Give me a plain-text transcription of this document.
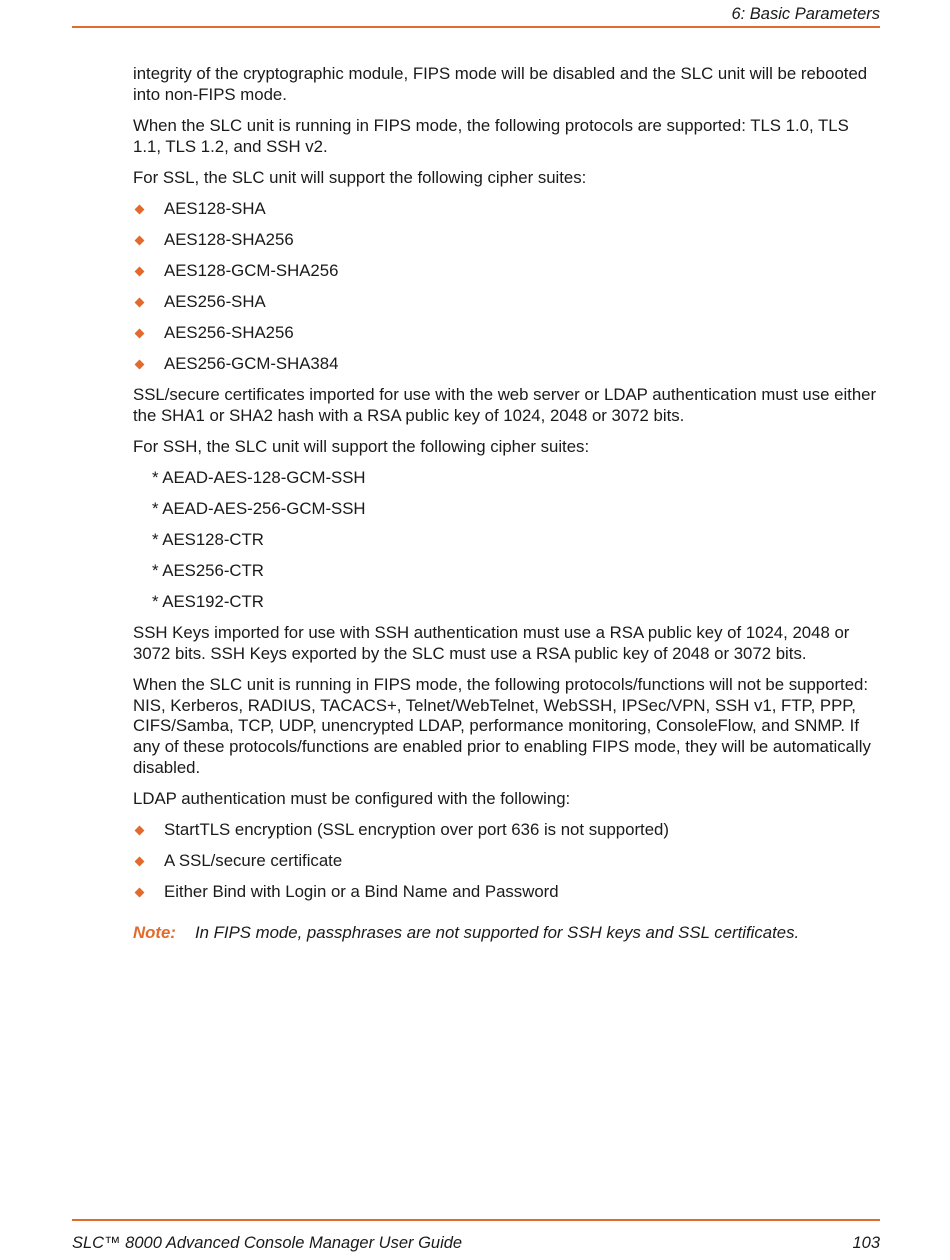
6: Basic Parameters

integrity of the cryptographic module, FIPS mode will be disabled and the SLC unit will be rebooted into non-FIPS mode.

When the SLC unit is running in FIPS mode, the following protocols are supported: TLS 1.0, TLS 1.1, TLS 1.2, and SSH v2.

For SSL, the SLC unit will support the following cipher suites:

AES128-SHA
AES128-SHA256
AES128-GCM-SHA256
AES256-SHA
AES256-SHA256
AES256-GCM-SHA384

SSL/secure certificates imported for use with the web server or LDAP authentication must use either the SHA1 or SHA2 hash with a RSA public key of 1024, 2048 or 3072 bits.

For SSH, the SLC unit will support the following cipher suites:

* AEAD-AES-128-GCM-SSH
* AEAD-AES-256-GCM-SSH
* AES128-CTR
* AES256-CTR
* AES192-CTR

SSH Keys imported for use with SSH authentication must use a RSA public key of 1024, 2048 or 3072 bits. SSH Keys exported by the SLC must use a RSA public key of 2048 or 3072 bits.

When the SLC unit is running in FIPS mode, the following protocols/functions will not be supported: NIS, Kerberos, RADIUS, TACACS+, Telnet/WebTelnet, WebSSH, IPSec/VPN, SSH v1, FTP, PPP, CIFS/Samba, TCP, UDP, unencrypted LDAP, performance monitoring, ConsoleFlow, and SNMP. If any of these protocols/functions are enabled prior to enabling FIPS mode, they will be automatically disabled.

LDAP authentication must be configured with the following:

StartTLS encryption (SSL encryption over port 636 is not supported)
A SSL/secure certificate
Either Bind with Login or a Bind Name and Password
Note:	In FIPS mode, passphrases are not supported for SSH keys and SSL certificates.
SLC™ 8000 Advanced Console Manager User Guide	103
